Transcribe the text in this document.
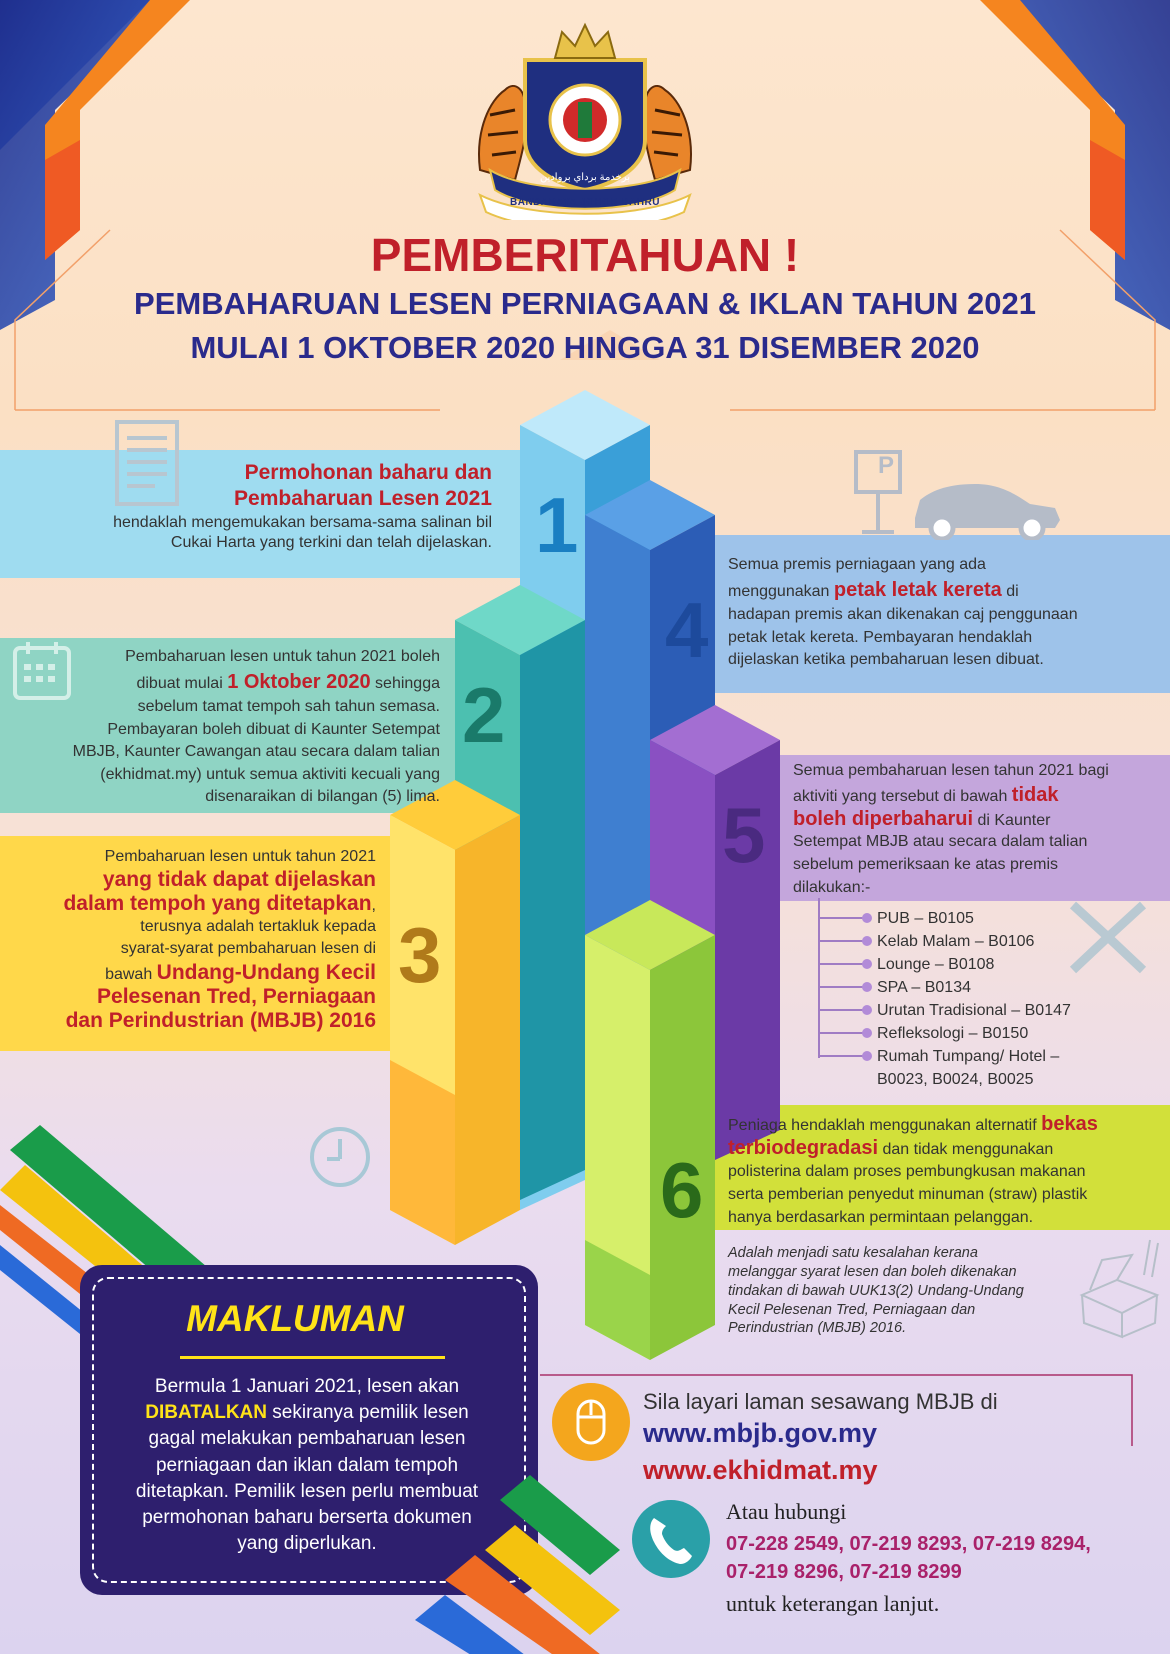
BANDARAYA JOHOR BAHRU
برخدمة برداي بروادين
PEMBERITAHUAN !
PEMBAHARUAN LESEN PERNIAGAAN & IKLAN TAHUN 2021
MULAI 1 OKTOBER 2020 HINGGA 31 DISEMBER 2020
1
4
2
5
3
6
Permohonan baharu dan
Pembaharuan Lesen 2021
hendaklah mengemukakan bersama-sama salinan bil
Cukai Harta yang terkini dan telah dijelaskan.
Pembaharuan lesen untuk tahun 2021 boleh
dibuat mulai 1 Oktober 2020 sehingga
sebelum tamat tempoh sah tahun semasa.
Pembayaran boleh dibuat di Kaunter Setempat
MBJB, Kaunter Cawangan atau secara dalam talian
(ekhidmat.my) untuk semua aktiviti kecuali yang
disenaraikan di bilangan (5) lima.
Pembaharuan lesen untuk tahun 2021
yang tidak dapat dijelaskan
dalam tempoh yang ditetapkan,
terusnya adalah tertakluk kepada
syarat-syarat pembaharuan lesen di
bawah Undang-Undang Kecil
Pelesenan Tred, Perniagaan
dan Perindustrian (MBJB) 2016
P
Semua premis perniagaan yang ada
menggunakan petak letak kereta di
hadapan premis akan dikenakan caj penggunaan
petak letak kereta. Pembayaran hendaklah
dijelaskan ketika pembaharuan lesen dibuat.
Semua pembaharuan lesen tahun 2021 bagi
aktiviti yang tersebut di bawah tidak
boleh diperbaharui di Kaunter
Setempat MBJB atau secara dalam talian
sebelum pemeriksaan ke atas premis
dilakukan:-
PUB – B0105
Kelab Malam – B0106
Lounge – B0108
SPA – B0134
Urutan Tradisional – B0147
Refleksologi – B0150
Rumah Tumpang/ Hotel –
B0023, B0024, B0025
Peniaga hendaklah menggunakan alternatif bekas
terbiodegradasi dan tidak menggunakan
polisterina dalam proses pembungkusan makanan
serta pemberian penyedut minuman (straw) plastik
hanya berdasarkan permintaan pelanggan.
Adalah menjadi satu kesalahan kerana
melanggar syarat lesen dan boleh dikenakan
tindakan di bawah UUK13(2) Undang-Undang
Kecil Pelesenan Tred, Perniagaan dan
Perindustrian (MBJB) 2016.
MAKLUMAN
Bermula 1 Januari 2021, lesen akan
DIBATALKAN sekiranya pemilik lesen
gagal melakukan pembaharuan lesen
perniagaan dan iklan dalam tempoh
ditetapkan. Pemilik lesen perlu membuat
permohonan baharu berserta dokumen
yang diperlukan.
Sila layari laman sesawang MBJB di
www.mbjb.gov.my
www.ekhidmat.my
Atau hubungi
07-228 2549, 07-219 8293, 07-219 8294,
07-219 8296, 07-219 8299
untuk keterangan lanjut.
